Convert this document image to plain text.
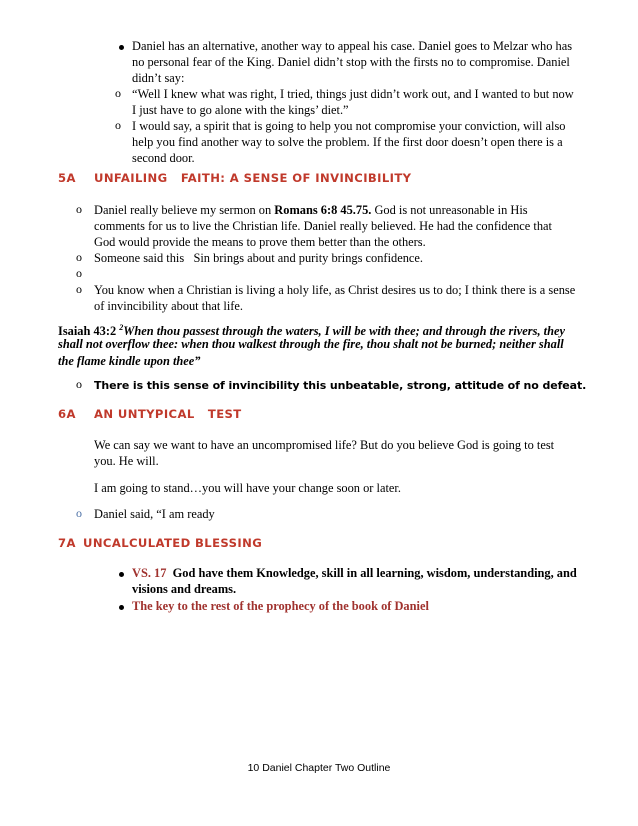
Daniel has an alternative, another way to appeal his case. Daniel goes to Melzar who has
no personal fear of the King. Daniel didn’t stop with the firsts no to compromise. Daniel
didn’t say:
o “Well I knew what was right, I tried, things just didn’t work out, and I wanted to but now
I just have to go alone with the kings’ diet.”
o I would say, a spirit that is going to help you not compromise your conviction, will also
help you find another way to solve the problem. If the first door doesn’t open there is a
second door.
5A UNFAILING   FAITH: A SENSE OF INVINCIBILITY
o Daniel really believe my sermon on Romans 6:8 45.75. God is not unreasonable in His
comments for us to live the Christian life. Daniel really believed. He had the confidence that
God would provide the means to prove them better than the others.
o Someone said this   Sin brings about and purity brings confidence.
o
o You know when a Christian is living a holy life, as Christ desires us to do; I think there is a sense
of invincibility about that life.
Isaiah 43:2 $^2$When thou passest through the waters, I will be with thee; and through the rivers, they
shall not overflow thee: when thou walkest through the fire, thou shalt not be burned; neither shall
the flame kindle upon thee”
o There is this sense of invincibility this unbeatable, strong, attitude of no defeat.
6A AN UNTYPICAL   TEST
We can say we want to have an uncompromised life? But do you believe God is going to test
you. He will.
I am going to stand…you will have your change soon or later.
o Daniel said, “I am ready
7A UNCALCULATED BLESSING
VS. 17  God have them Knowledge, skill in all learning, wisdom, understanding, and
visions and dreams.
The key to the rest of the prophecy of the book of Daniel
10 Daniel Chapter Two Outline
